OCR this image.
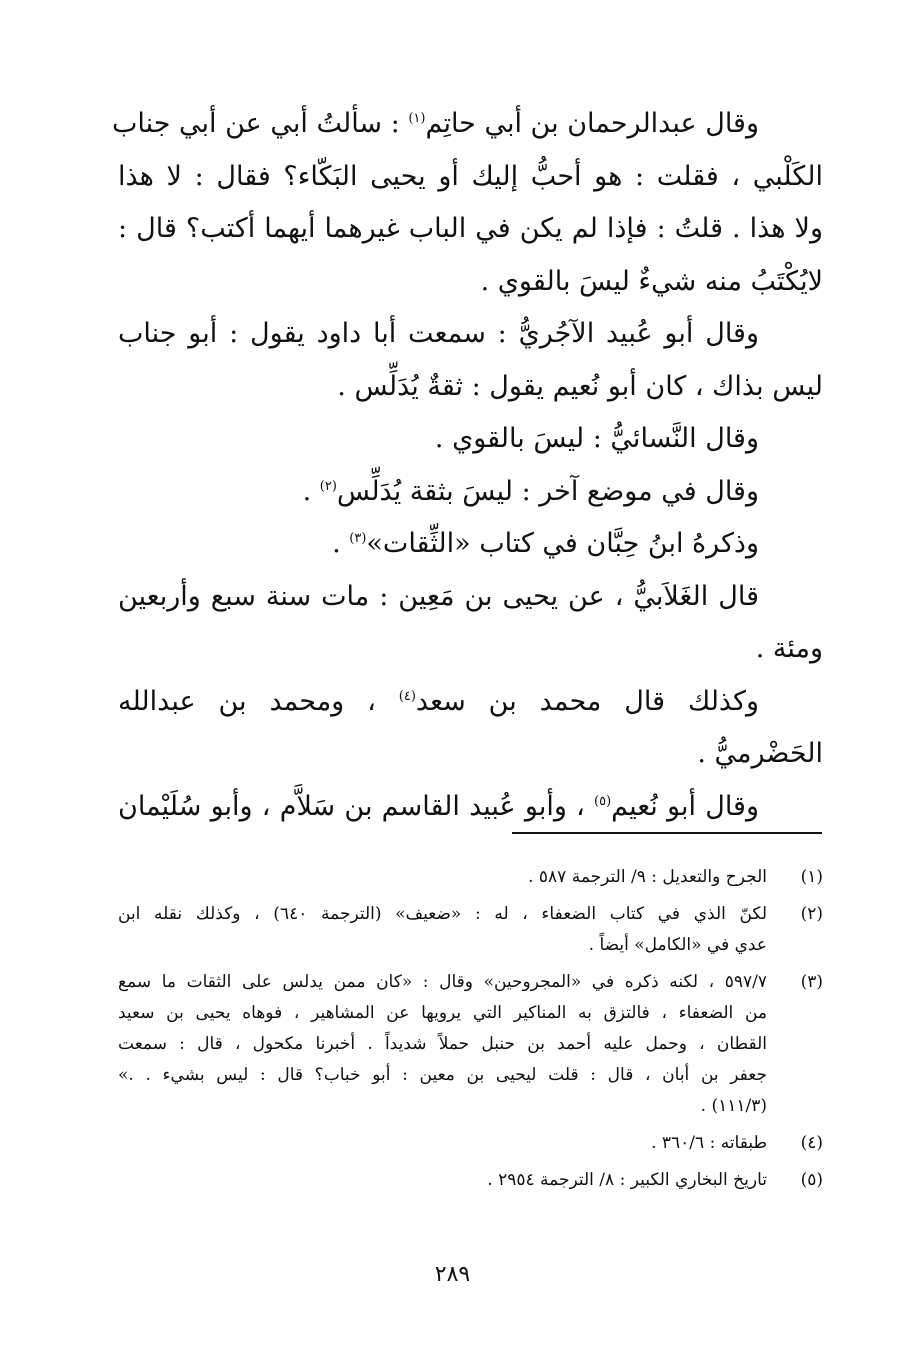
وقال عبدالرحمان بن أبي حاتِم$^{(١)}$ : سألتُ أبي عن أبي جناب
الكَلْبي ، فقلت : هو أحبُّ إليك أو يحيى البَكّاء؟ فقال : لا هذا
ولا هذا . قلتُ : فإذا لم يكن في الباب غيرهما أيهما أكتب؟ قال :
لايُكْتَبُ منه شيءٌ ليسَ بالقوي .
وقال أبو عُبيد الآجُريُّ : سمعت أبا داود يقول : أبو جناب
ليس بذاك ، كان أبو نُعيم يقول : ثقةٌ يُدَلِّس .
وقال النَّسائيُّ : ليسَ بالقوي .
وقال في موضع آخر : ليسَ بثقة يُدَلِّس$^{(٢)}$ .
وذكرهُ ابنُ حِبَّان في كتاب «الثِّقات»$^{(٣)}$ .
قال الغَلاَبيُّ ، عن يحيى بن مَعِين : مات سنة سبع وأربعين
ومئة .
وكذلك قال محمد بن سعد$^{(٤)}$ ، ومحمد بن عبدالله
الحَضْرميُّ .
وقال أبو نُعيم$^{(٥)}$ ، وأبو عُبيد القاسم بن سَلاَّم ، وأبو سُلَيْمان
(١)
الجرح والتعديل : ٩/ الترجمة ٥٨٧ .
(٢)
لكنّ الذي في كتاب الضعفاء ، له : «ضعيف» (الترجمة ٦٤٠) ، وكذلك نقله ابن
عدي في «الكامل» أيضاً .
(٣)
٥٩٧/٧ ، لكنه ذكره في «المجروحين» وقال : «كان ممن يدلس على الثقات ما سمع
من الضعفاء ، فالتزق به المناكير التي يرويها عن المشاهير ، فوهاه يحيى بن سعيد
القطان ، وحمل عليه أحمد بن حنبل حملاً شديداً . أخبرنا مكحول ، قال : سمعت
جعفر بن أبان ، قال : قلت ليحيى بن معين : أبو خباب؟ قال : ليس بشيء . .»
(١١١/٣) .
(٤)
طبقاته : ٣٦٠/٦ .
(٥)
تاريخ البخاري الكبير : ٨/ الترجمة ٢٩٥٤ .
٢٨٩
